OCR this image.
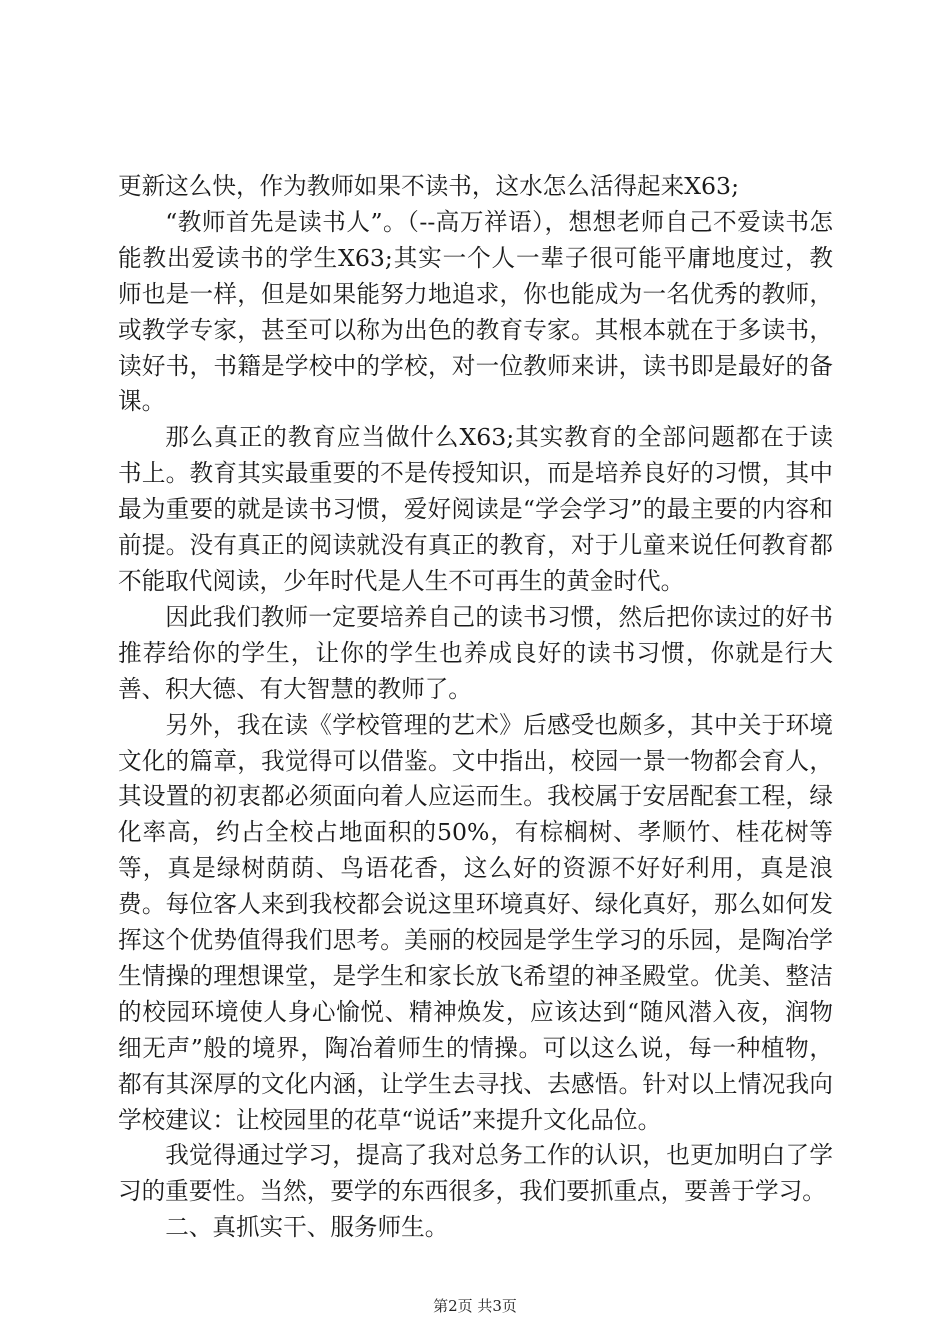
更新这么快，作为教师如果不读书，这水怎么活得起来X63;

“教师首先是读书人”。（--高万祥语），想想老师自己不爱读书怎能教出爱读书的学生X63;其实一个人一辈子很可能平庸地度过，教师也是一样，但是如果能努力地追求，你也能成为一名优秀的教师，或教学专家，甚至可以称为出色的教育专家。其根本就在于多读书，读好书，书籍是学校中的学校，对一位教师来讲，读书即是最好的备课。

那么真正的教育应当做什么X63;其实教育的全部问题都在于读书上。教育其实最重要的不是传授知识，而是培养良好的习惯，其中最为重要的就是读书习惯，爱好阅读是“学会学习”的最主要的内容和前提。没有真正的阅读就没有真正的教育，对于儿童来说任何教育都不能取代阅读，少年时代是人生不可再生的黄金时代。

因此我们教师一定要培养自己的读书习惯，然后把你读过的好书推荐给你的学生，让你的学生也养成良好的读书习惯，你就是行大善、积大德、有大智慧的教师了。

另外，我在读《学校管理的艺术》后感受也颇多，其中关于环境文化的篇章，我觉得可以借鉴。文中指出，校园一景一物都会育人，其设置的初衷都必须面向着人应运而生。我校属于安居配套工程，绿化率高，约占全校占地面积的50%，有棕榈树、孝顺竹、桂花树等等，真是绿树荫荫、鸟语花香，这么好的资源不好好利用，真是浪费。每位客人来到我校都会说这里环境真好、绿化真好，那么如何发挥这个优势值得我们思考。美丽的校园是学生学习的乐园，是陶冶学生情操的理想课堂，是学生和家长放飞希望的神圣殿堂。优美、整洁的校园环境使人身心愉悦、精神焕发，应该达到“随风潜入夜，润物细无声”般的境界，陶冶着师生的情操。可以这么说，每一种植物，都有其深厚的文化内涵，让学生去寻找、去感悟。针对以上情况我向学校建议：让校园里的花草“说话”来提升文化品位。

我觉得通过学习，提高了我对总务工作的认识，也更加明白了学习的重要性。当然，要学的东西很多，我们要抓重点，要善于学习。

二、真抓实干、服务师生。

第2页 共3页
